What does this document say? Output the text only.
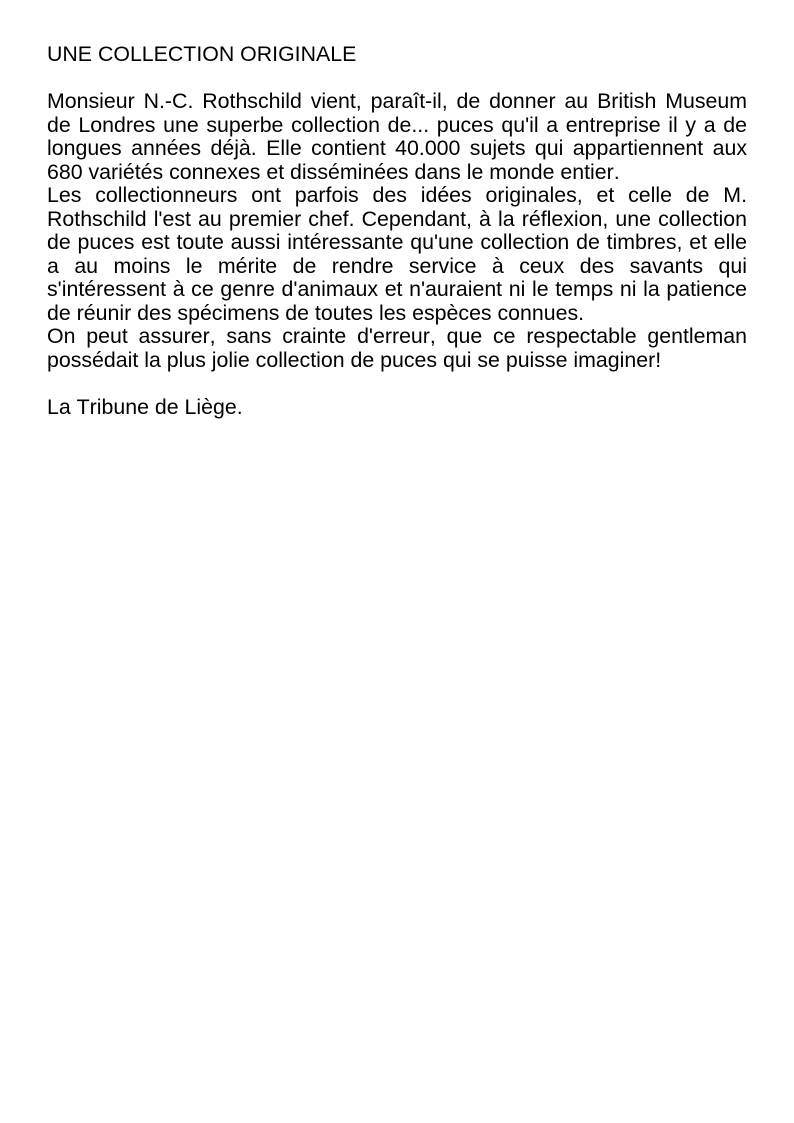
UNE COLLECTION ORIGINALE

Monsieur N.-C. Rothschild vient, paraît-il, de donner au British Museum de Londres une superbe collection de... puces qu'il a entreprise il y a de longues années déjà. Elle contient 40.000 sujets qui appartiennent aux 680 variétés connexes et disséminées dans le monde entier.

Les collectionneurs ont parfois des idées originales, et celle de M. Rothschild l'est au premier chef. Cependant, à la réflexion, une collection de puces est toute aussi intéressante qu'une collection de timbres, et elle a au moins le mérite de rendre service à ceux des savants qui s'intéressent à ce genre d'animaux et n'auraient ni le temps ni la patience de réunir des spécimens de toutes les espèces connues.

On peut assurer, sans crainte d'erreur, que ce respectable gentleman possédait la plus jolie collection de puces qui se puisse imaginer!

La Tribune de Liège.
